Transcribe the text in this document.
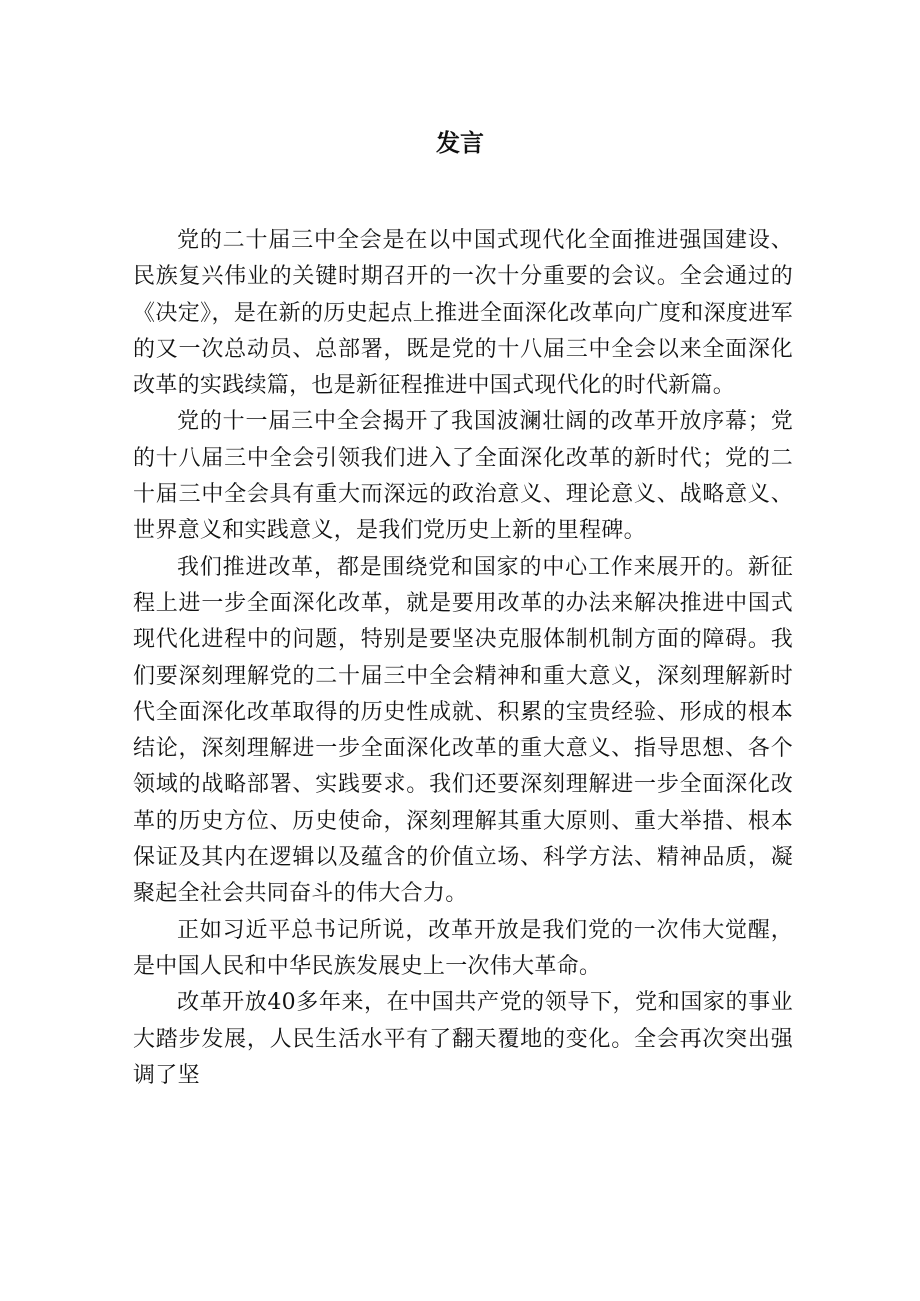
发言

党的二十届三中全会是在以中国式现代化全面推进强国建设、民族复兴伟业的关键时期召开的一次十分重要的会议。全会通过的《决定》，是在新的历史起点上推进全面深化改革向广度和深度进军的又一次总动员、总部署，既是党的十八届三中全会以来全面深化改革的实践续篇，也是新征程推进中国式现代化的时代新篇。

党的十一届三中全会揭开了我国波澜壮阔的改革开放序幕；党的十八届三中全会引领我们进入了全面深化改革的新时代；党的二十届三中全会具有重大而深远的政治意义、理论意义、战略意义、世界意义和实践意义，是我们党历史上新的里程碑。

我们推进改革，都是围绕党和国家的中心工作来展开的。新征程上进一步全面深化改革，就是要用改革的办法来解决推进中国式现代化进程中的问题，特别是要坚决克服体制机制方面的障碍。我们要深刻理解党的二十届三中全会精神和重大意义，深刻理解新时代全面深化改革取得的历史性成就、积累的宝贵经验、形成的根本结论，深刻理解进一步全面深化改革的重大意义、指导思想、各个领域的战略部署、实践要求。我们还要深刻理解进一步全面深化改革的历史方位、历史使命，深刻理解其重大原则、重大举措、根本保证及其内在逻辑以及蕴含的价值立场、科学方法、精神品质，凝聚起全社会共同奋斗的伟大合力。

正如习近平总书记所说，改革开放是我们党的一次伟大觉醒，是中国人民和中华民族发展史上一次伟大革命。

改革开放40多年来，在中国共产党的领导下，党和国家的事业大踏步发展，人民生活水平有了翻天覆地的变化。全会再次突出强调了坚
